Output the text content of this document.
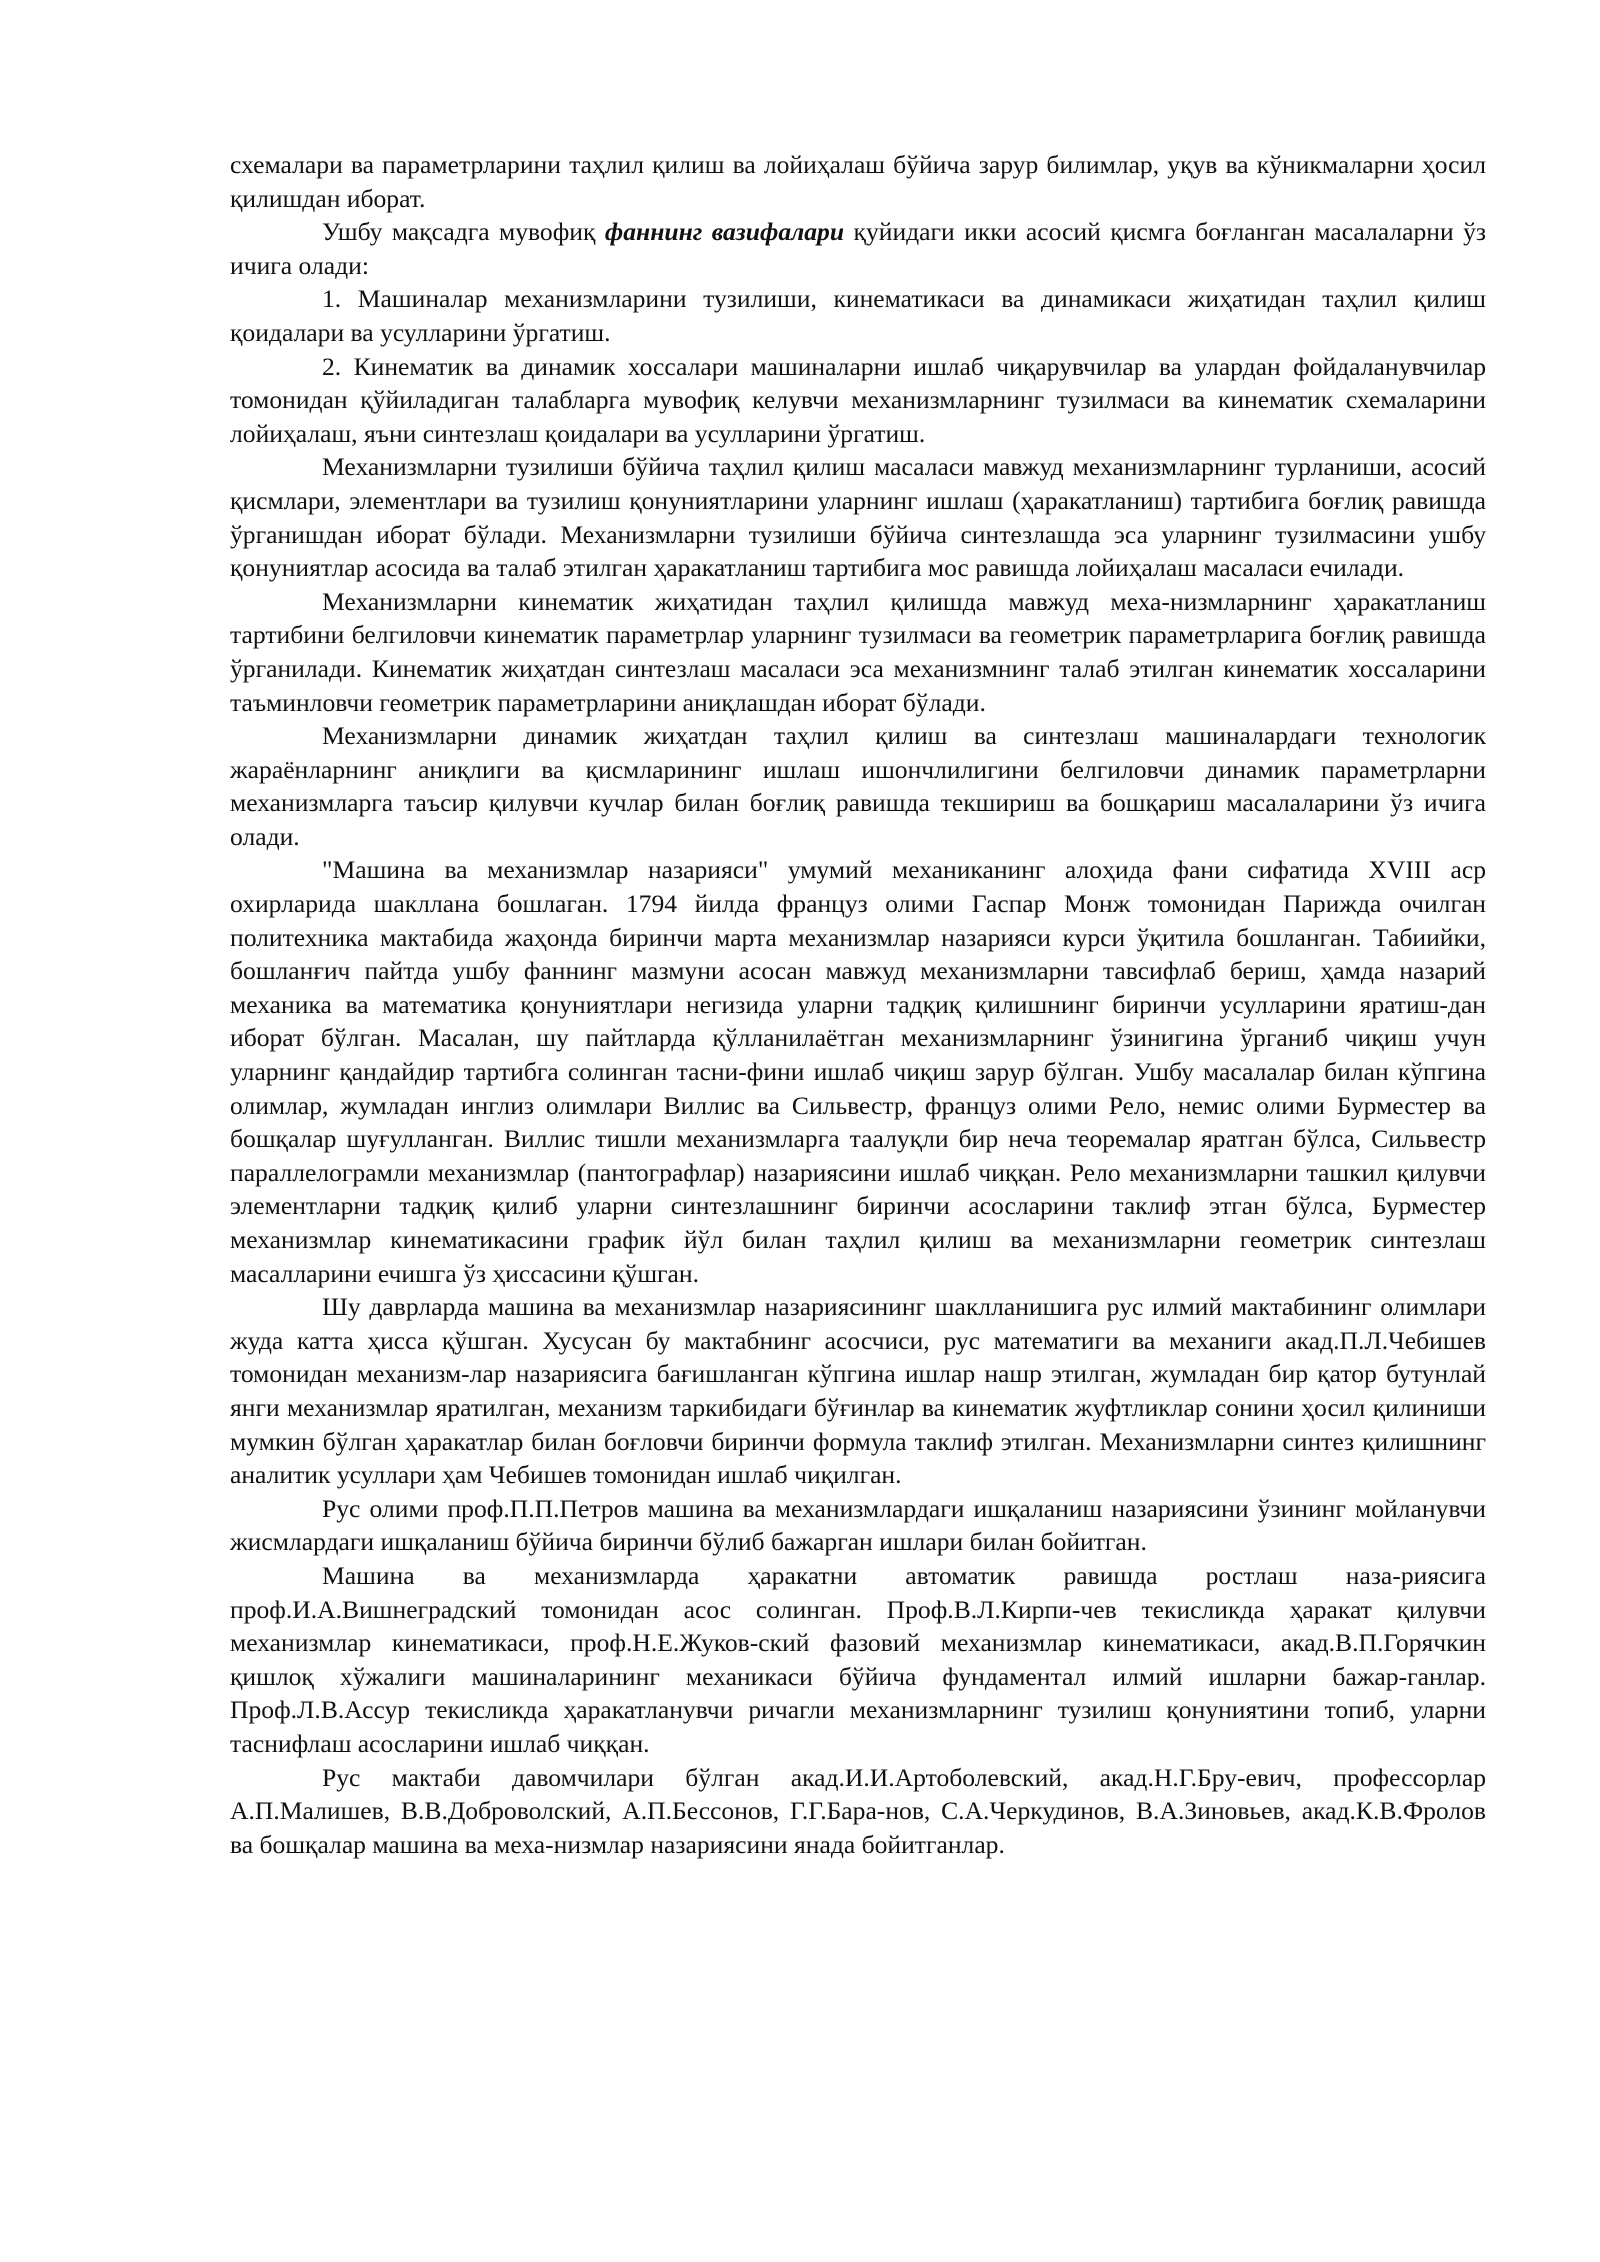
схемалари ва параметрларини таҳлил қилиш ва лойиҳалаш бўйича зарур билимлар, уқув ва кўникмаларни ҳосил қилишдан иборат.

Ушбу мақсадга мувофиқ фаннинг вазифалари қуйидаги икки асосий қисмга боғланган масалаларни ўз ичига олади:

1. Машиналар механизмларини тузилиши, кинематикаси ва динамикаси жиҳатидан таҳлил қилиш қоидалари ва усулларини ўргатиш.

2. Кинематик ва динамик хоссалари машиналарни ишлаб чиқарувчилар ва улардан фойдаланувчилар томонидан қўйиладиган талабларга мувофиқ келувчи механизмларнинг тузилмаси ва кинематик схемаларини лойиҳалаш, яъни синтезлаш қоидалари ва усулларини ўргатиш.

Механизмларни тузилиши бўйича таҳлил қилиш масаласи мавжуд механизмларнинг турланиши, асосий қисмлари, элементлари ва тузилиш қонуниятларини уларнинг ишлаш (ҳаракатланиш) тартибига боғлиқ равишда ўрганишдан иборат бўлади. Механизмларни тузилиши бўйича синтезлашда эса уларнинг тузилмасини ушбу қонуниятлар асосида ва талаб этилган ҳаракатланиш тартибига мос равишда лойиҳалаш масаласи ечилади.

Механизмларни кинематик жиҳатидан таҳлил қилишда мавжуд меха-низмларнинг ҳаракатланиш тартибини белгиловчи кинематик параметрлар уларнинг тузилмаси ва геометрик параметрларига боғлиқ равишда ўрганилади. Кинематик жиҳатдан синтезлаш масаласи эса механизмнинг талаб этилган кинематик хоссаларини таъминловчи геометрик параметрларини аниқлашдан иборат бўлади.

Механизмларни динамик жиҳатдан таҳлил қилиш ва синтезлаш машиналардаги технологик жараёнларнинг аниқлиги ва қисмларининг ишлаш ишончлилигини белгиловчи динамик параметрларни механизмларга таъсир қилувчи кучлар билан боғлиқ равишда текшириш ва бошқариш масалаларини ўз ичига олади.

"Машина ва механизмлар назарияси" умумий механиканинг алоҳида фани сифатида XVIII аср охирларида шакллана бошлаган. 1794 йилда француз олими Гаспар Монж томонидан Парижда очилган политехника мактабида жаҳонда биринчи марта механизмлар назарияси курси ўқитила бошланган. Табиийки, бошланғич пайтда ушбу фаннинг мазмуни асосан мавжуд механизмларни тавсифлаб бериш, ҳамда назарий механика ва математика қонуниятлари негизида уларни тадқиқ қилишнинг биринчи усулларини яратиш-дан иборат бўлган. Масалан, шу пайтларда қўлланилаётган механизмларнинг ўзинигина ўрганиб чиқиш учун уларнинг қандайдир тартибга солинган тасни-фини ишлаб чиқиш зарур бўлган. Ушбу масалалар билан кўпгина олимлар, жумладан инглиз олимлари Виллис ва Сильвестр, француз олими Рело, немис олими Бурместер ва бошқалар шуғулланган. Виллис тишли механизмларга таалуқли бир неча теоремалар яратган бўлса, Сильвестр параллелограмли механизмлар (пантографлар) назариясини ишлаб чиққан. Рело механизмларни ташкил қилувчи элементларни тадқиқ қилиб уларни синтезлашнинг биринчи асосларини таклиф этган бўлса, Бурместер механизмлар кинематикасини график йўл билан таҳлил қилиш ва механизмларни геометрик синтезлаш масалларини ечишга ўз ҳиссасини қўшган.

Шу даврларда машина ва механизмлар назариясининг шаклланишига рус илмий мактабининг олимлари жуда катта ҳисса қўшган. Хусусан бу мактабнинг асосчиси, рус математиги ва механиги акад.П.Л.Чебишев томонидан механизм-лар назариясига бағишланган кўпгина ишлар нашр этилган, жумладан бир қатор бутунлай янги механизмлар яратилган, механизм таркибидаги бўғинлар ва кинематик жуфтликлар сонини ҳосил қилиниши мумкин бўлган ҳаракатлар билан боғловчи биринчи формула таклиф этилган. Механизмларни синтез қилишнинг аналитик усуллари ҳам Чебишев томонидан ишлаб чиқилган.

Рус олими проф.П.П.Петров машина ва механизмлардаги ишқаланиш назариясини ўзининг мойланувчи жисмлардаги ишқаланиш бўйича биринчи бўлиб бажарган ишлари билан бойитган.

Машина ва механизмларда ҳаракатни автоматик равишда ростлаш наза-риясига проф.И.А.Вишнеградский томонидан асос солинган. Проф.В.Л.Кирпи-чев текисликда ҳаракат қилувчи механизмлар кинематикаси, проф.Н.Е.Жуков-ский фазовий механизмлар кинематикаси, акад.В.П.Горячкин қишлоқ хўжалиги машиналарининг механикаси бўйича фундаментал илмий ишларни бажар-ганлар. Проф.Л.В.Ассур текисликда ҳаракатланувчи ричагли механизмларнинг тузилиш қонуниятини топиб, уларни таснифлаш асосларини ишлаб чиққан.

Рус мактаби давомчилари бўлган акад.И.И.Артоболевский, акад.Н.Г.Бру-евич, профессорлар А.П.Малишев, В.В.Доброволский, А.П.Бессонов, Г.Г.Бара-нов, С.А.Черкудинов, В.А.Зиновьев, акад.К.В.Фролов ва бошқалар машина ва меха-низмлар назариясини янада бойитганлар.
